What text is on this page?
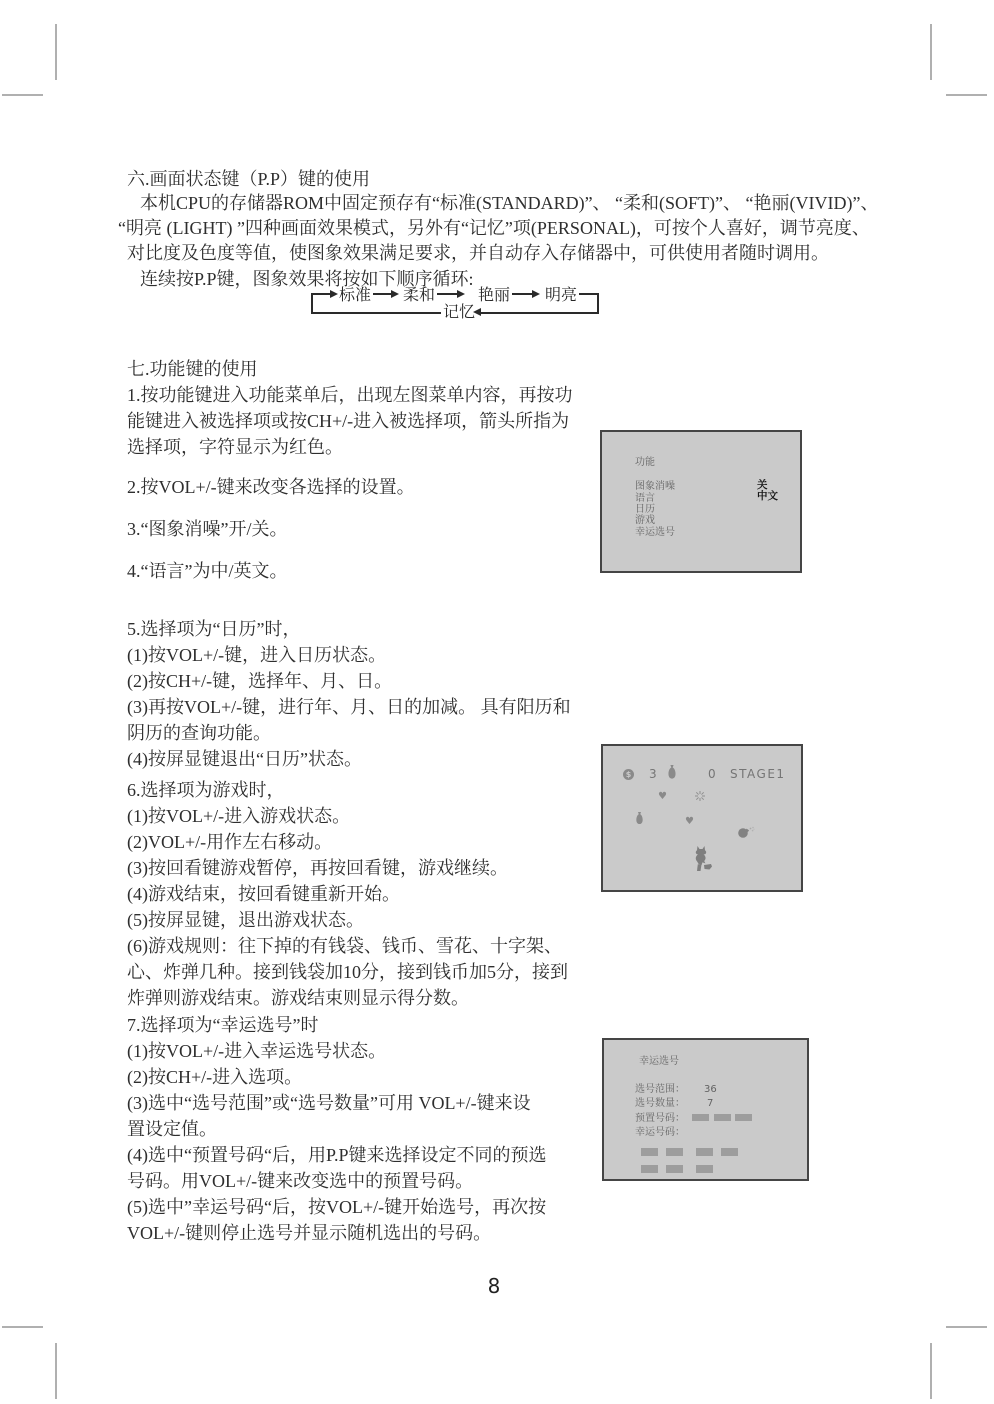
六.画面状态键（P.P）键的使用
本机CPU的存储器ROM中固定预存有“标准(STANDARD)”、 “柔和(SOFT)”、 “艳丽(VIVID)”、
“明亮 (LIGHT) ”四种画面效果模式，另外有“记忆”项(PERSONAL)，可按个人喜好，调节亮度、
对比度及色度等值，使图象效果满足要求，并自动存入存储器中，可供使用者随时调用。
连续按P.P键，图象效果将按如下顺序循环:
标准 柔和	艳丽 明亮
记忆
七.功能键的使用
1.按功能键进入功能菜单后，出现左图菜单内容，再按功
能键进入被选择项或按CH+/-进入被选择项，箭头所指为
选择项，字符显示为红色。
2.按VOL+/-键来改变各选择的设置。
3.“图象消噪”开/关。
4.“语言”为中/英文。
5.选择项为“日历”时，
(1)按VOL+/-键，进入日历状态。
(2)按CH+/-键，选择年、月、日。
(3)再按VOL+/-键，进行年、月、日的加减。 具有阳历和
阴历的查询功能。
(4)按屏显键退出“日历”状态。
6.选择项为游戏时，
(1)按VOL+/-进入游戏状态。
(2)VOL+/-用作左右移动。
(3)按回看键游戏暂停，再按回看键，游戏继续。
(4)游戏结束，按回看键重新开始。
(5)按屏显键，退出游戏状态。
(6)游戏规则：往下掉的有钱袋、钱币、雪花、十字架、
心、炸弹几种。接到钱袋加10分，接到钱币加5分，接到
炸弹则游戏结束。游戏结束则显示得分数。
7.选择项为“幸运选号”时
(1)按VOL+/-进入幸运选号状态。
(2)按CH+/-进入选项。
(3)选中“选号范围”或“选号数量”可用 VOL+/-键来设
置设定值。
(4)选中“预置号码“后，用P.P键来选择设定不同的预选
号码。用VOL+/-键来改变选中的预置号码。
(5)选中”幸运号码“后，按VOL+/-键开始选号，再次按
VOL+/-键则停止选号并显示随机选出的号码。
功能
图象消噪
语言
日历
游戏
幸运选号
关
中文
$ 3	0 STAGE1
♥
♥
幸运选号
选号范围： 36
选号数量： 7
预置号码：
幸运号码：
8
